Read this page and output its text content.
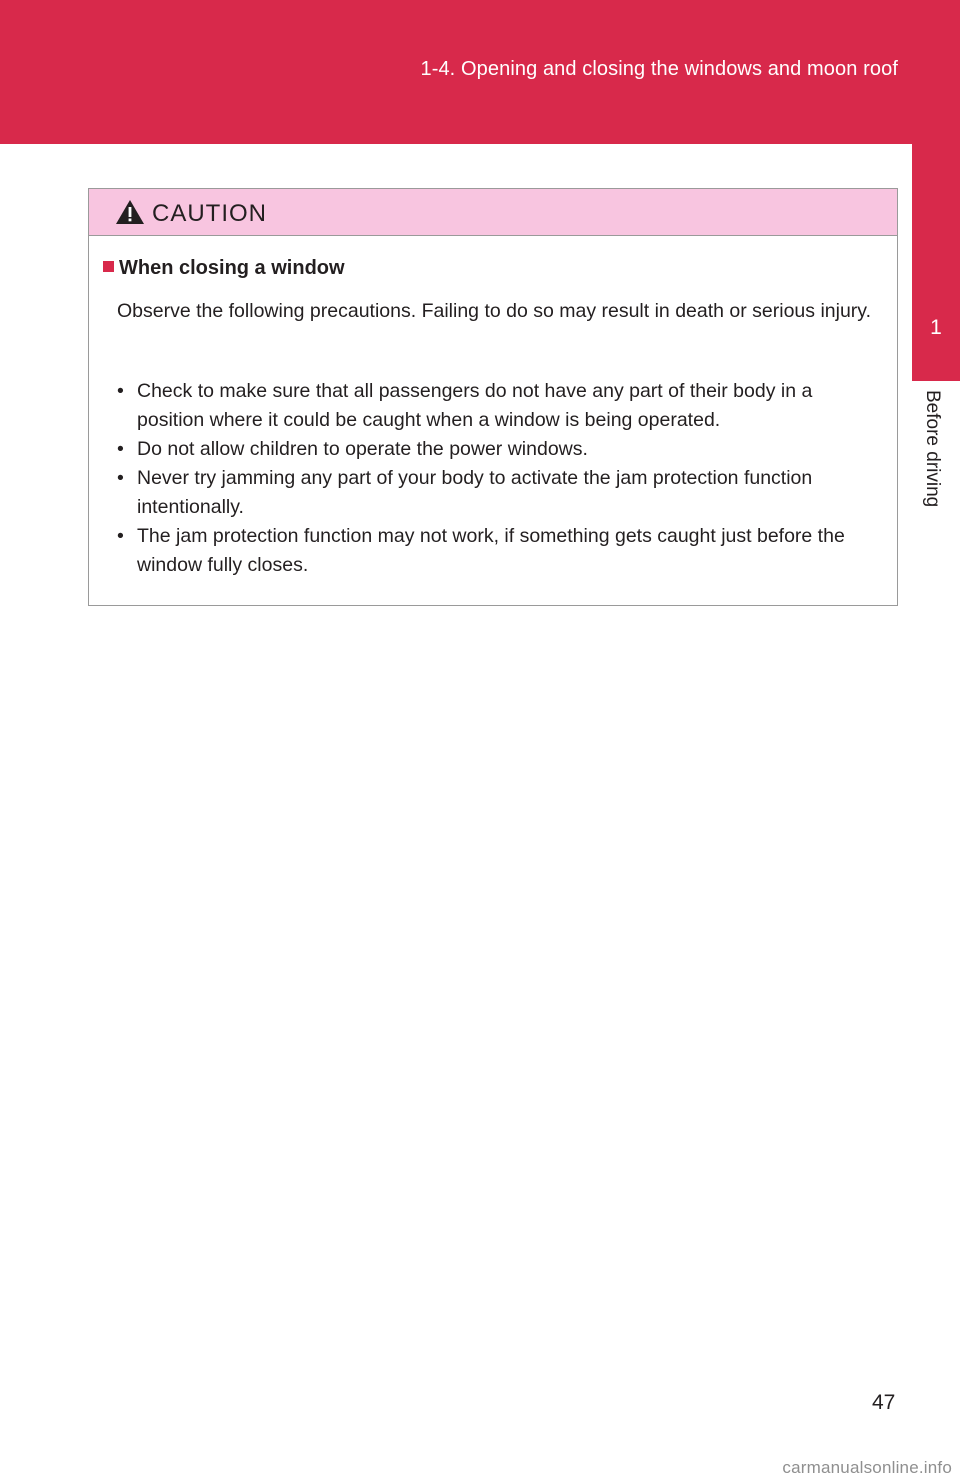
1-4. Opening and closing the windows and moon roof
1
Before driving
CAUTION
When closing a window
Observe the following precautions. Failing to do so may result in death or serious injury.
• Check to make sure that all passengers do not have any part of their body in a position where it could be caught when a window is being operated.
• Do not allow children to operate the power windows.
• Never try jamming any part of your body to activate the jam protection function intentionally.
• The jam protection function may not work, if something gets caught just before the window fully closes.
47
carmanualsonline.info
